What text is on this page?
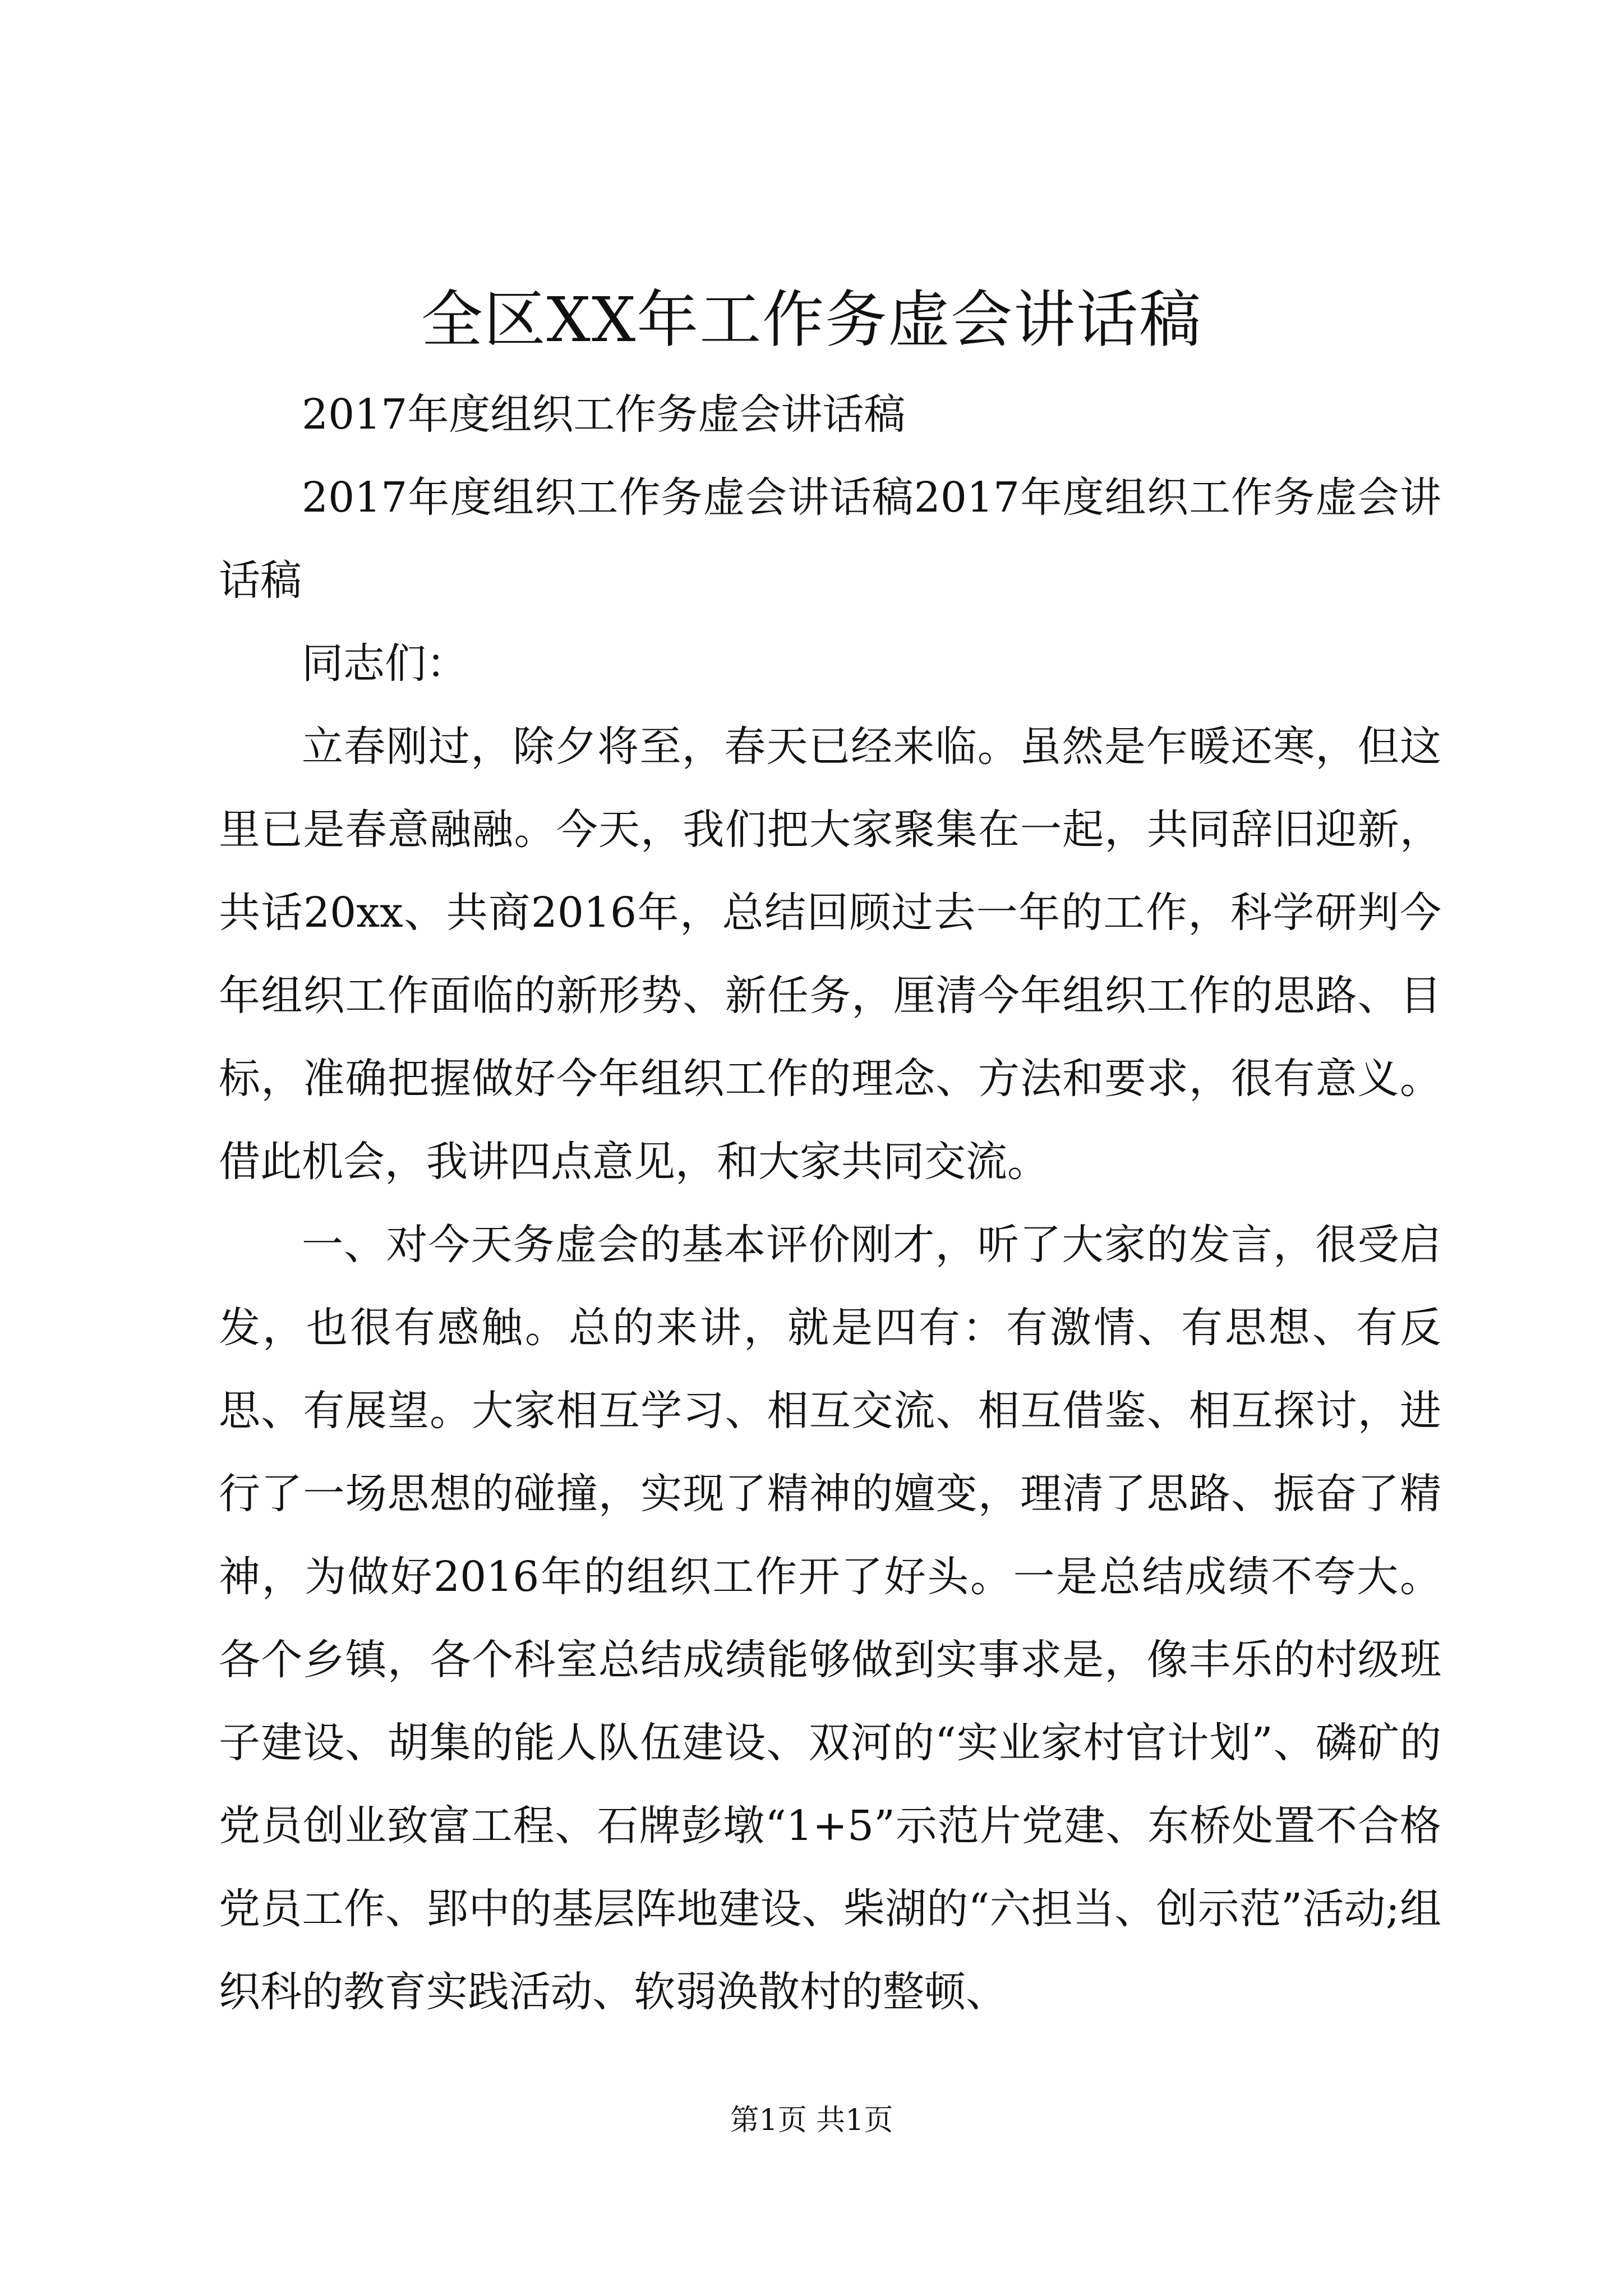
全区XX年工作务虚会讲话稿

2017年度组织工作务虚会讲话稿

2017年度组织工作务虚会讲话稿2017年度组织工作务虚会讲话稿

同志们：

立春刚过，除夕将至，春天已经来临。虽然是乍暖还寒，但这里已是春意融融。今天，我们把大家聚集在一起，共同辞旧迎新，共话20xx、共商2016年，总结回顾过去一年的工作，科学研判今年组织工作面临的新形势、新任务，厘清今年组织工作的思路、目标，准确把握做好今年组织工作的理念、方法和要求，很有意义。借此机会，我讲四点意见，和大家共同交流。

一、对今天务虚会的基本评价刚才，听了大家的发言，很受启发，也很有感触。总的来讲，就是四有：有激情、有思想、有反思、有展望。大家相互学习、相互交流、相互借鉴、相互探讨，进行了一场思想的碰撞，实现了精神的嬗变，理清了思路、振奋了精神，为做好2016年的组织工作开了好头。一是总结成绩不夸大。各个乡镇，各个科室总结成绩能够做到实事求是，像丰乐的村级班子建设、胡集的能人队伍建设、双河的“实业家村官计划”、磷矿的党员创业致富工程、石牌彭墩“1+5”示范片党建、东桥处置不合格党员工作、郢中的基层阵地建设、柴湖的“六担当、创示范”活动;组织科的教育实践活动、软弱涣散村的整顿、

第1页 共1页
